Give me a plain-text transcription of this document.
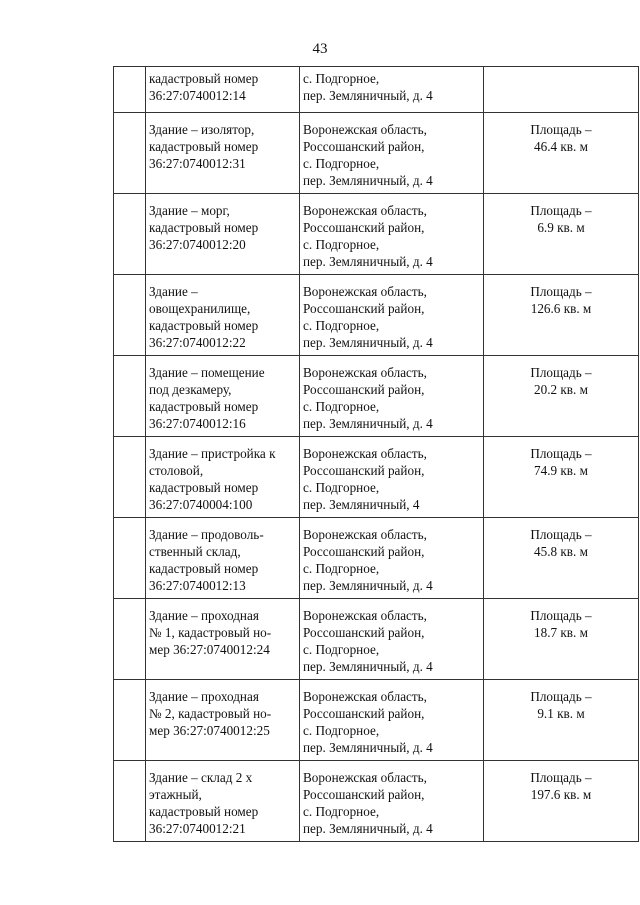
43

	кадастровый номер
36:27:0740012:14	с. Подгорное,
пер. Земляничный, д. 4	

	Здание – изолятор,
кадастровый номер
36:27:0740012:31	Воронежская область,
Россошанский район,
с. Подгорное,
пер. Земляничный, д. 4	Площадь –
46.4 кв. м

	Здание – морг,
кадастровый номер
36:27:0740012:20	Воронежская область,
Россошанский район,
с. Подгорное,
пер. Земляничный, д. 4	Площадь –
6.9 кв. м

	Здание –
овощехранилище,
кадастровый номер
36:27:0740012:22	Воронежская область,
Россошанский район,
с. Подгорное,
пер. Земляничный, д. 4	Площадь –
126.6 кв. м

	Здание – помещение
под дезкамеру,
кадастровый номер
36:27:0740012:16	Воронежская область,
Россошанский район,
с. Подгорное,
пер. Земляничный, д. 4	Площадь –
20.2 кв. м

	Здание – пристройка к
столовой,
кадастровый номер
36:27:0740004:100	Воронежская область,
Россошанский район,
с. Подгорное,
пер. Земляничный, 4	Площадь –
74.9 кв. м

	Здание – продоволь-
ственный склад,
кадастровый номер
36:27:0740012:13	Воронежская область,
Россошанский район,
с. Подгорное,
пер. Земляничный, д. 4	Площадь –
45.8 кв. м

	Здание – проходная
№ 1, кадастровый но-
мер 36:27:0740012:24	Воронежская область,
Россошанский район,
с. Подгорное,
пер. Земляничный, д. 4	Площадь –
18.7 кв. м

	Здание – проходная
№ 2, кадастровый но-
мер 36:27:0740012:25	Воронежская область,
Россошанский район,
с. Подгорное,
пер. Земляничный, д. 4	Площадь –
9.1 кв. м

	Здание – склад 2 х
этажный,
кадастровый номер
36:27:0740012:21	Воронежская область,
Россошанский район,
с. Подгорное,
пер. Земляничный, д. 4	Площадь –
197.6 кв. м
